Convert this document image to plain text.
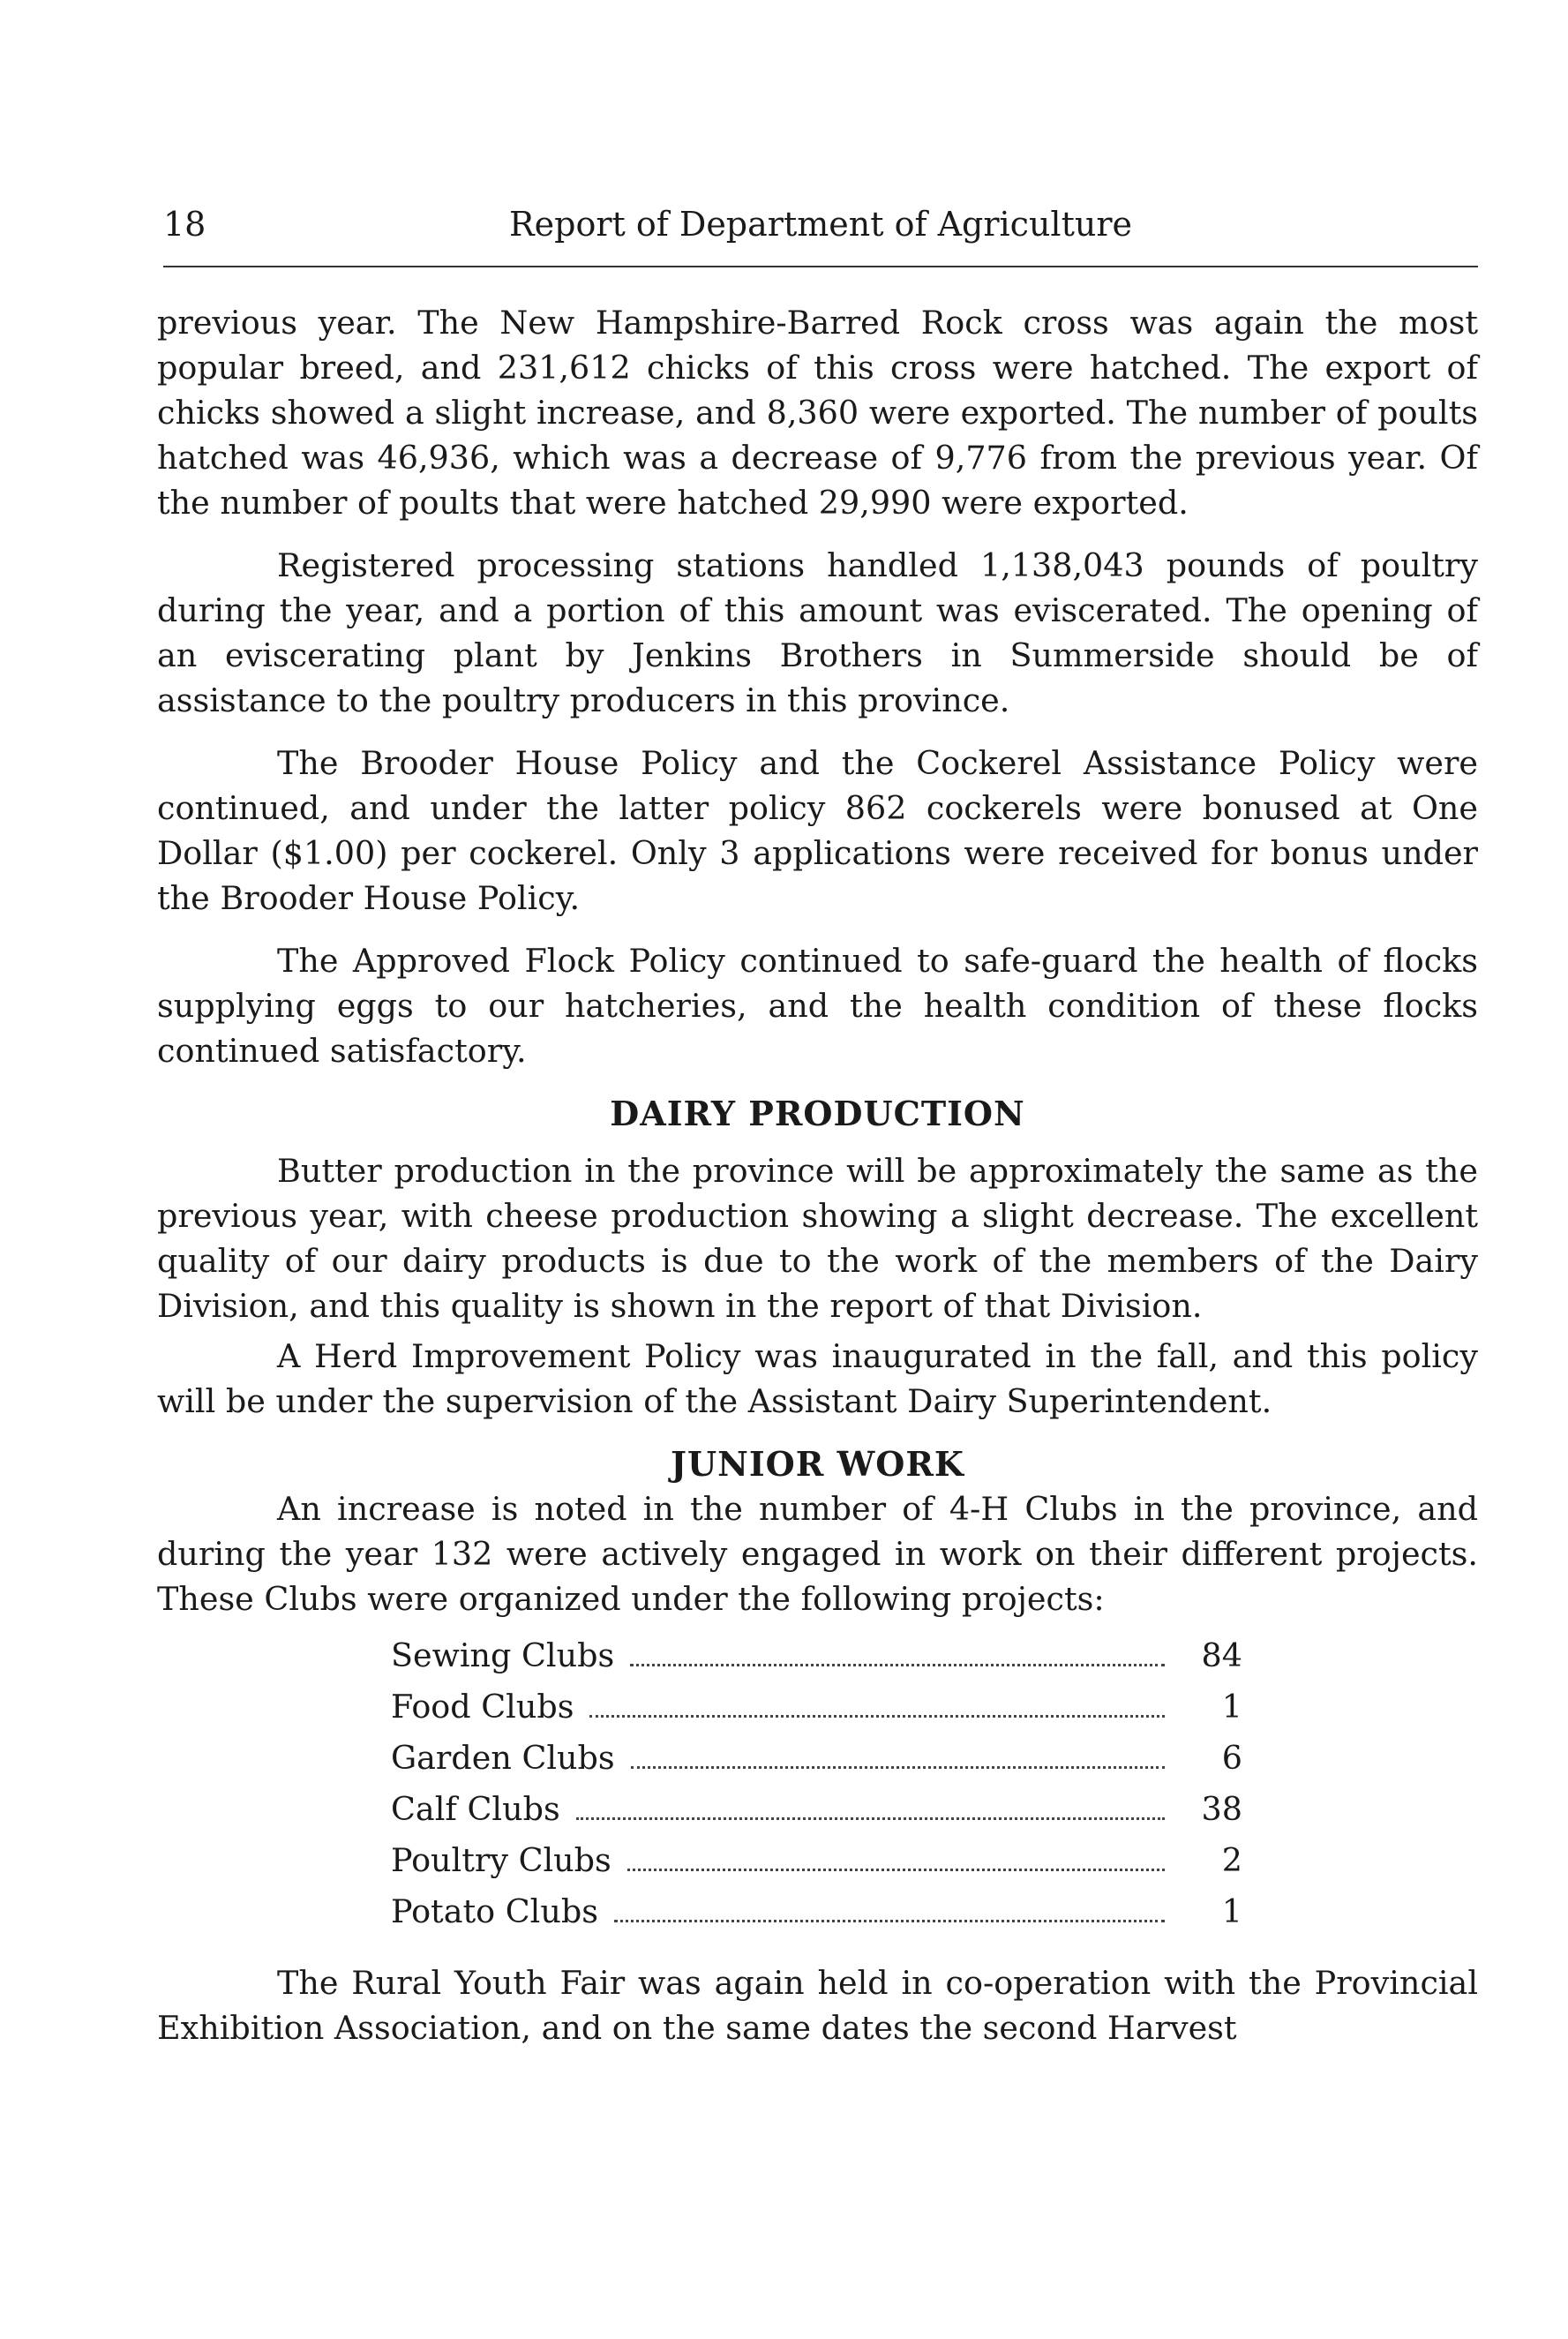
18	Report of Department of Agriculture

previous year. The New Hampshire-Barred Rock cross was again the most popular breed, and 231,612 chicks of this cross were hatched. The export of chicks showed a slight increase, and 8,360 were exported. The number of poults hatched was 46,936, which was a decrease of 9,776 from the previous year. Of the number of poults that were hatched 29,990 were exported.

Registered processing stations handled 1,138,043 pounds of poultry during the year, and a portion of this amount was eviscerated. The opening of an eviscerating plant by Jenkins Brothers in Summerside should be of assistance to the poultry producers in this province.

The Brooder House Policy and the Cockerel Assistance Policy were continued, and under the latter policy 862 cockerels were bonused at One Dollar ($1.00) per cockerel. Only 3 applications were received for bonus under the Brooder House Policy.

The Approved Flock Policy continued to safe-guard the health of flocks supplying eggs to our hatcheries, and the health condition of these flocks continued satisfactory.

DAIRY PRODUCTION

Butter production in the province will be approximately the same as the previous year, with cheese production showing a slight decrease. The excellent quality of our dairy products is due to the work of the members of the Dairy Division, and this quality is shown in the report of that Division.

A Herd Improvement Policy was inaugurated in the fall, and this policy will be under the supervision of the Assistant Dairy Superintendent.

JUNIOR WORK

An increase is noted in the number of 4-H Clubs in the province, and during the year 132 were actively engaged in work on their different projects. These Clubs were organized under the following projects:

Sewing Clubs	84
Food Clubs	1
Garden Clubs	6
Calf Clubs	38
Poultry Clubs	2
Potato Clubs	1

The Rural Youth Fair was again held in co-operation with the Provincial Exhibition Association, and on the same dates the second Harvest
